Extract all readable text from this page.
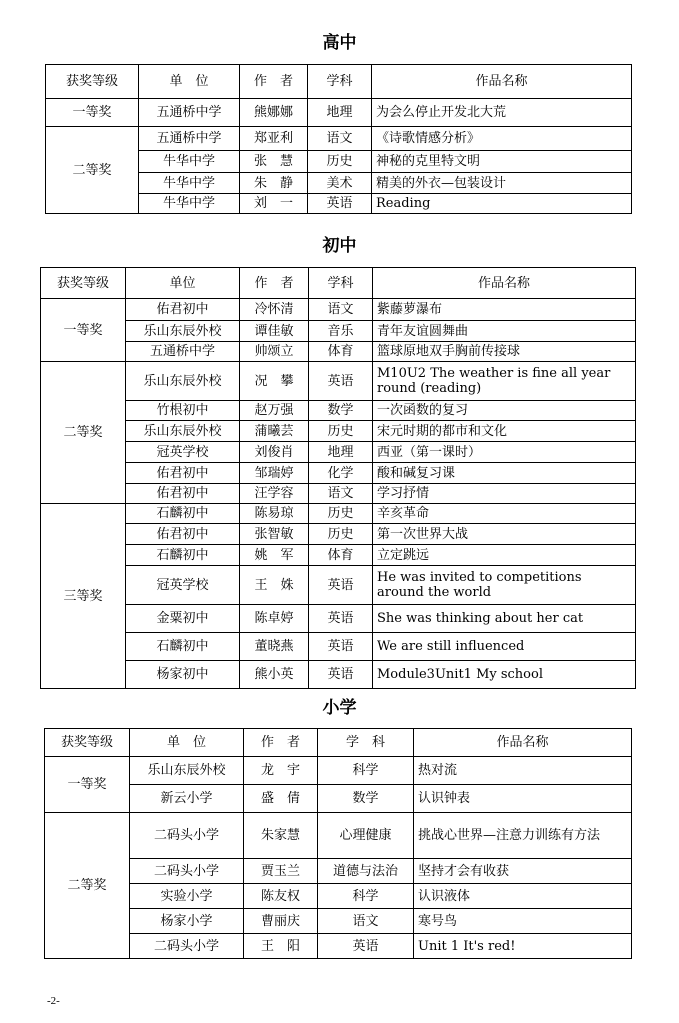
高中
获奖等级	单　位	作　者	学科	作品名称
一等奖	五通桥中学	熊娜娜	地理	为会么停止开发北大荒
二等奖	五通桥中学	郑亚利	语文	《诗歌情感分析》
	牛华中学	张　慧	历史	神秘的克里特文明
	牛华中学	朱　静	美术	精美的外衣—包装设计
	牛华中学	刘　一	英语	Reading
初中
获奖等级	单位	作　者	学科	作品名称
一等奖	佑君初中	冷怀清	语文	紫藤萝瀑布
	乐山东辰外校	谭佳敏	音乐	青年友谊圆舞曲
	五通桥中学	帅颂立	体育	篮球原地双手胸前传接球
二等奖	乐山东辰外校	况　攀	英语	M10U2 The weather is fine all year round (reading)
	竹根初中	赵万强	数学	一次函数的复习
	乐山东辰外校	蒲曦芸	历史	宋元时期的都市和文化
	冠英学校	刘俊肖	地理	西亚（第一课时）
	佑君初中	邹瑞婷	化学	酸和碱复习课
	佑君初中	汪学容	语文	学习抒情
三等奖	石麟初中	陈易琼	历史	辛亥革命
	佑君初中	张智敏	历史	第一次世界大战
	石麟初中	姚　军	体育	立定跳远
	冠英学校	王　姝	英语	He was invited to competitions around the world
	金粟初中	陈卓婷	英语	She was thinking about her cat
	石麟初中	董晓燕	英语	We are still influenced
	杨家初中	熊小英	英语	Module3Unit1 My school
小学
获奖等级	单　位	作　者	学　科	作品名称
一等奖	乐山东辰外校	龙　宇	科学	热对流
	新云小学	盛　倩	数学	认识钟表
二等奖	二码头小学	朱家慧	心理健康	挑战心世界—注意力训练有方法
	二码头小学	贾玉兰	道德与法治	坚持才会有收获
	实验小学	陈友权	科学	认识液体
	杨家小学	曹丽庆	语文	寒号鸟
	二码头小学	王　阳	英语	Unit 1 It's red!
-2-
